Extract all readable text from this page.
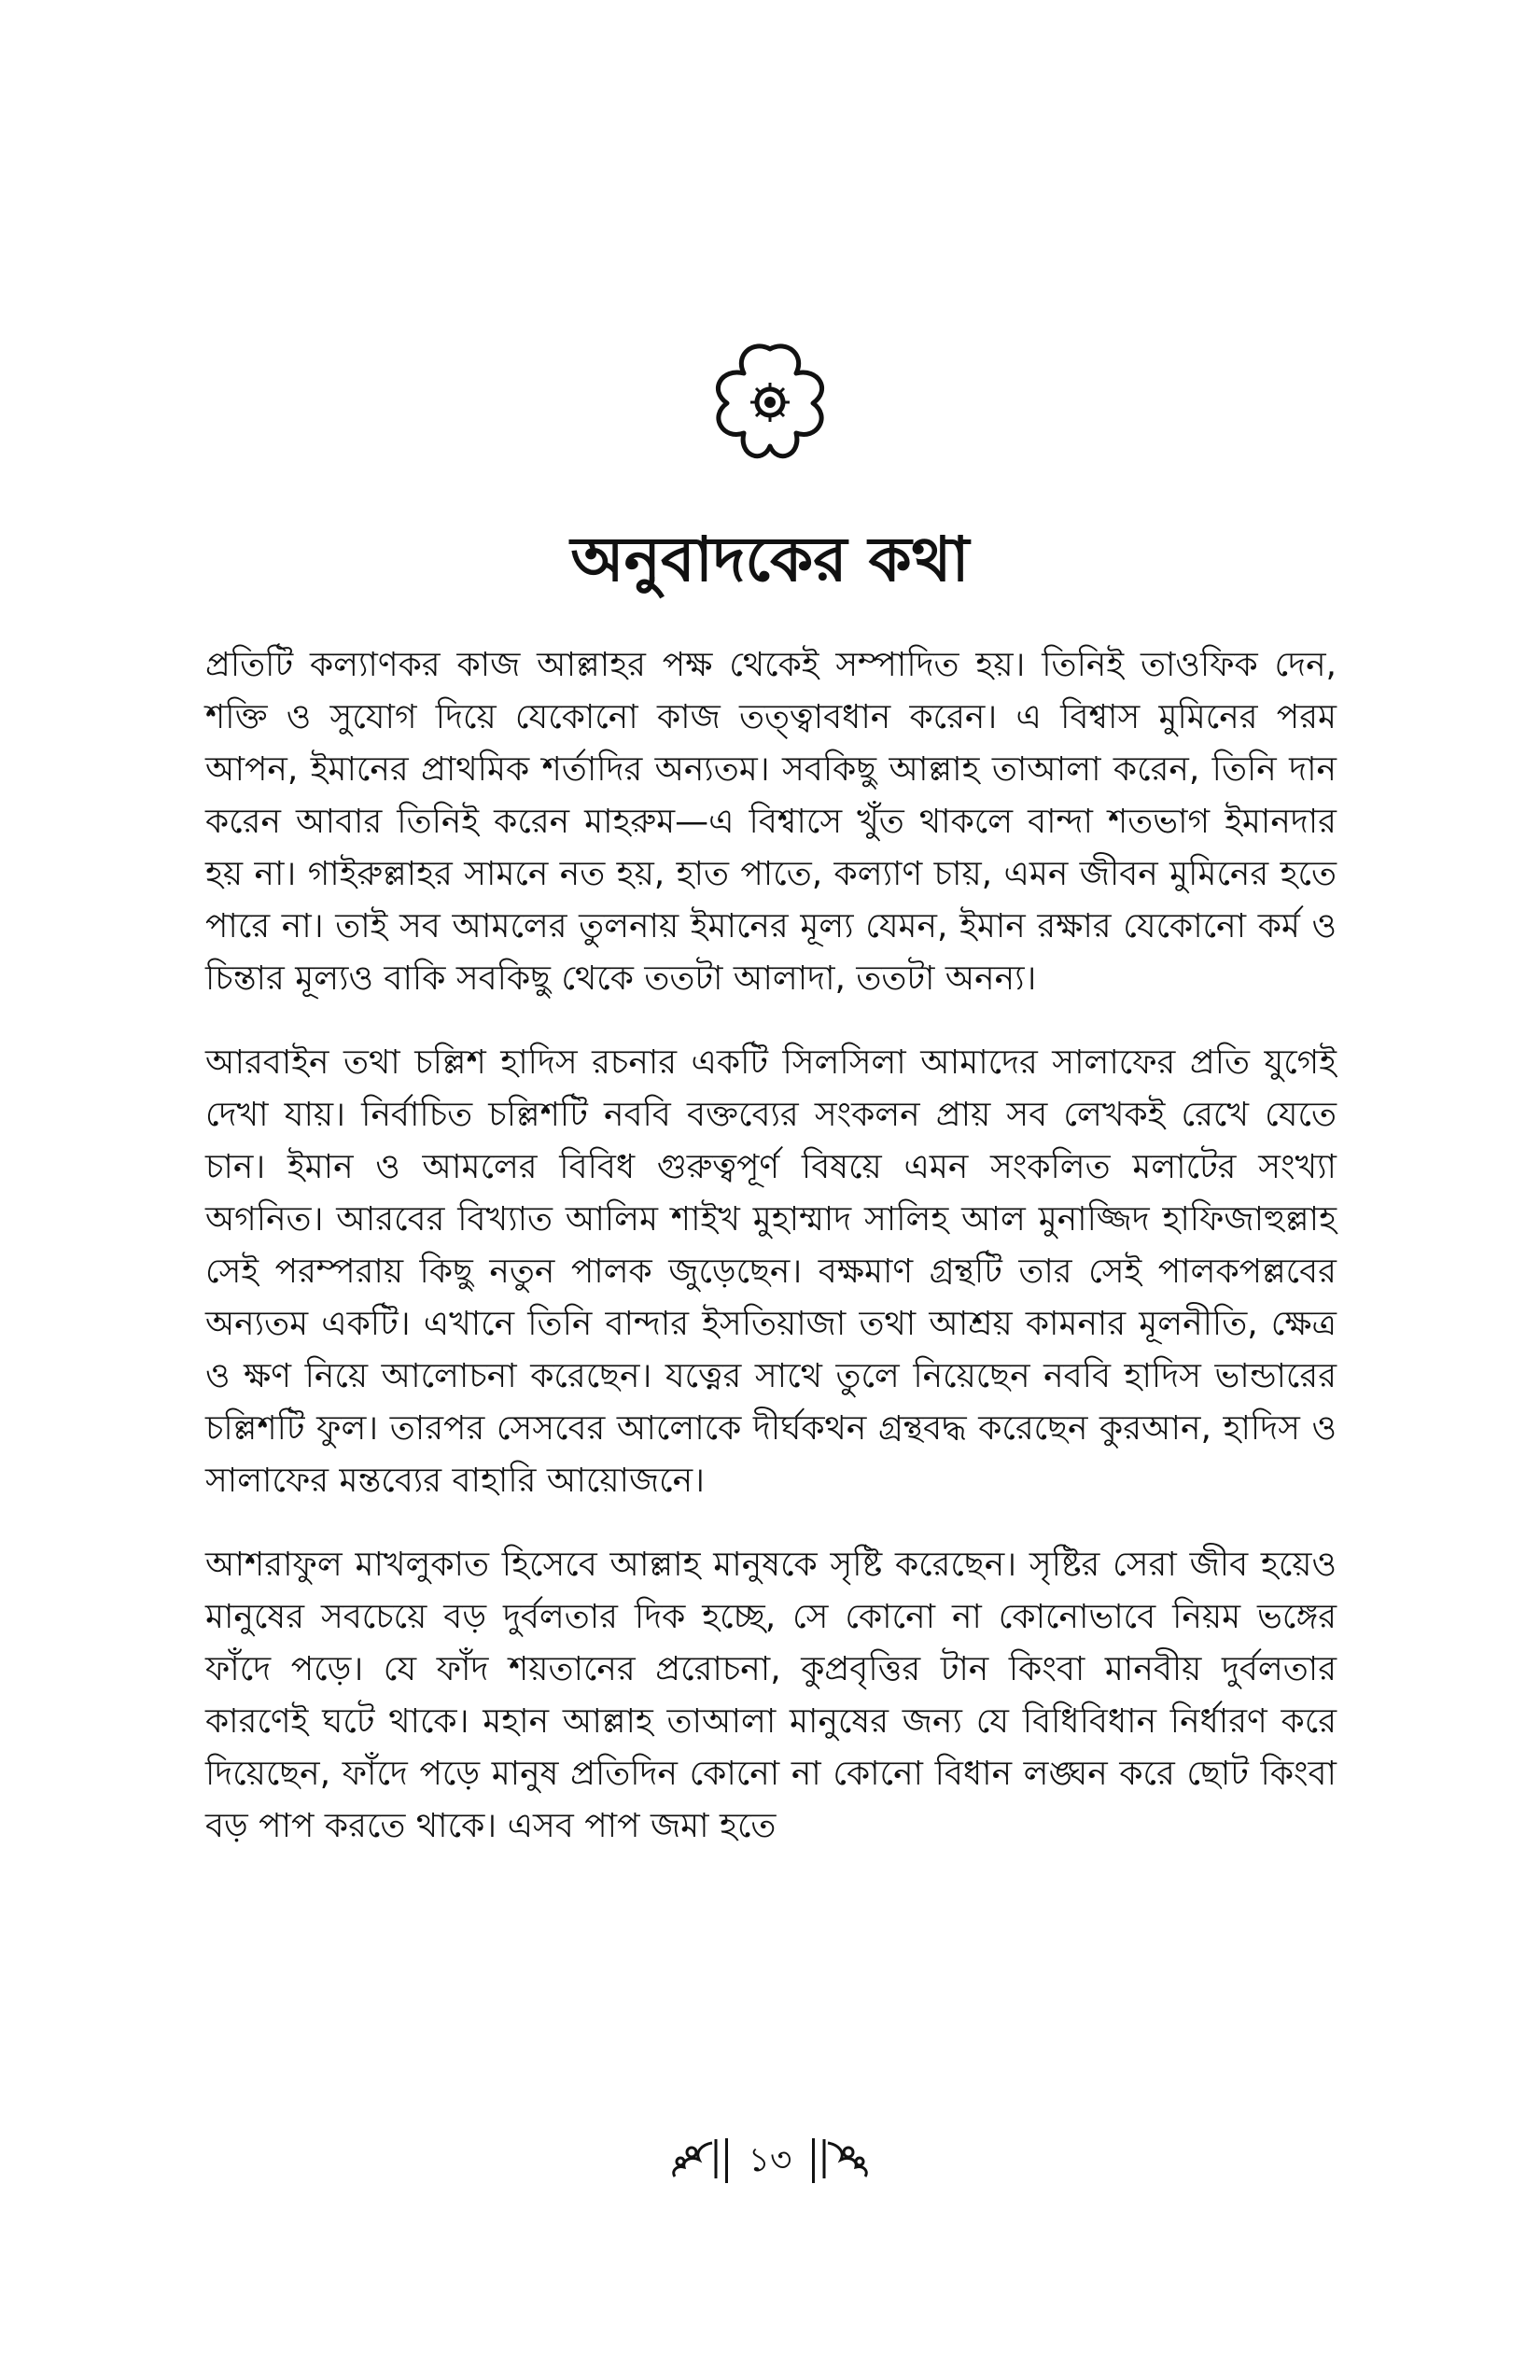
অনুবাদকের কথা

প্রতিটি কল্যাণকর কাজ আল্লাহর পক্ষ থেকেই সম্পাদিত হয়। তিনিই তাওফিক দেন, শক্তি ও সুযোগ দিয়ে যেকোনো কাজ তত্ত্বাবধান করেন। এ বিশ্বাস মুমিনের পরম আপন, ইমানের প্রাথমিক শর্তাদির অন্যতম। সবকিছু আল্লাহ তাআলা করেন, তিনি দান করেন আবার তিনিই করেন মাহরুম—এ বিশ্বাসে খুঁত থাকলে বান্দা শতভাগ ইমানদার হয় না। গাইরুল্লাহর সামনে নত হয়, হাত পাতে, কল্যাণ চায়, এমন জীবন মুমিনের হতে পারে না। তাই সব আমলের তুলনায় ইমানের মূল্য যেমন, ইমান রক্ষার যেকোনো কর্ম ও চিন্তার মূল্যও বাকি সবকিছু থেকে ততটা আলাদা, ততটা অনন্য।

আরবাইন তথা চল্লিশ হাদিস রচনার একটি সিলসিলা আমাদের সালাফের প্রতি যুগেই দেখা যায়। নির্বাচিত চল্লিশটি নববি বক্তব্যের সংকলন প্রায় সব লেখকই রেখে যেতে চান। ইমান ও আমলের বিবিধ গুরুত্বপূর্ণ বিষয়ে এমন সংকলিত মলাটের সংখ্যা অগনিত। আরবের বিখ্যাত আলিম শাইখ মুহাম্মাদ সালিহ আল মুনাজ্জিদ হাফিজাহুল্লাহ সেই পরম্পরায় কিছু নতুন পালক জুড়েছেন। বক্ষমাণ গ্রন্থটি তার সেই পালকপল্লবের অন্যতম একটি। এখানে তিনি বান্দার ইসতিয়াজা তথা আশ্রয় কামনার মূলনীতি, ক্ষেত্র ও ক্ষণ নিয়ে আলোচনা করেছেন। যত্নের সাথে তুলে নিয়েছেন নববি হাদিস ভান্ডারের চল্লিশটি ফুল। তারপর সেসবের আলোকে দীর্ঘকথন গ্রন্থবদ্ধ করেছেন কুরআন, হাদিস ও সালাফের মন্তব্যের বাহারি আয়োজনে।

আশরাফুল মাখলুকাত হিসেবে আল্লাহ মানুষকে সৃষ্টি করেছেন। সৃষ্টির সেরা জীব হয়েও মানুষের সবচেয়ে বড় দুর্বলতার দিক হচ্ছে, সে কোনো না কোনোভাবে নিয়ম ভঙ্গের ফাঁদে পড়ে। যে ফাঁদ শয়তানের প্ররোচনা, কুপ্রবৃত্তির টান কিংবা মানবীয় দুর্বলতার কারণেই ঘটে থাকে। মহান আল্লাহ তাআলা মানুষের জন্য যে বিধিবিধান নির্ধারণ করে দিয়েছেন, ফাঁদে পড়ে মানুষ প্রতিদিন কোনো না কোনো বিধান লঙ্ঘন করে ছোট কিংবা বড় পাপ করতে থাকে। এসব পাপ জমা হতে

১৩
